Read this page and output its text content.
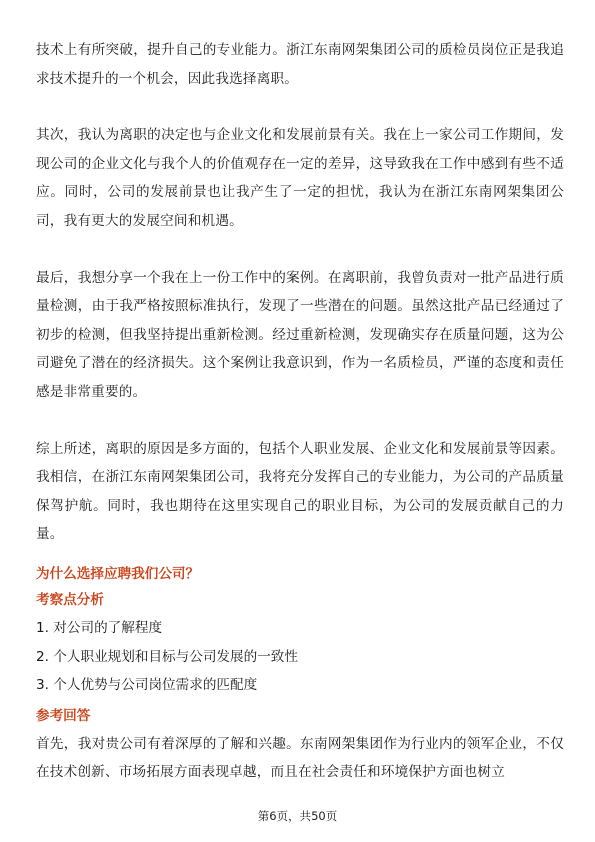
技术上有所突破，提升自己的专业能力。浙江东南网架集团公司的质检员岗位正是我追求技术提升的一个机会，因此我选择离职。

其次，我认为离职的决定也与企业文化和发展前景有关。我在上一家公司工作期间，发现公司的企业文化与我个人的价值观存在一定的差异，这导致我在工作中感到有些不适应。同时，公司的发展前景也让我产生了一定的担忧，我认为在浙江东南网架集团公司，我有更大的发展空间和机遇。

最后，我想分享一个我在上一份工作中的案例。在离职前，我曾负责对一批产品进行质量检测，由于我严格按照标准执行，发现了一些潜在的问题。虽然这批产品已经通过了初步的检测，但我坚持提出重新检测。经过重新检测，发现确实存在质量问题，这为公司避免了潜在的经济损失。这个案例让我意识到，作为一名质检员，严谨的态度和责任感是非常重要的。

综上所述，离职的原因是多方面的，包括个人职业发展、企业文化和发展前景等因素。我相信，在浙江东南网架集团公司，我将充分发挥自己的专业能力，为公司的产品质量保驾护航。同时，我也期待在这里实现自己的职业目标，为公司的发展贡献自己的力量。

为什么选择应聘我们公司？
考察点分析
1. 对公司的了解程度
2. 个人职业规划和目标与公司发展的一致性
3. 个人优势与公司岗位需求的匹配度
参考回答

首先，我对贵公司有着深厚的了解和兴趣。东南网架集团作为行业内的领军企业，不仅在技术创新、市场拓展方面表现卓越，而且在社会责任和环境保护方面也树立

第6页，共50页
